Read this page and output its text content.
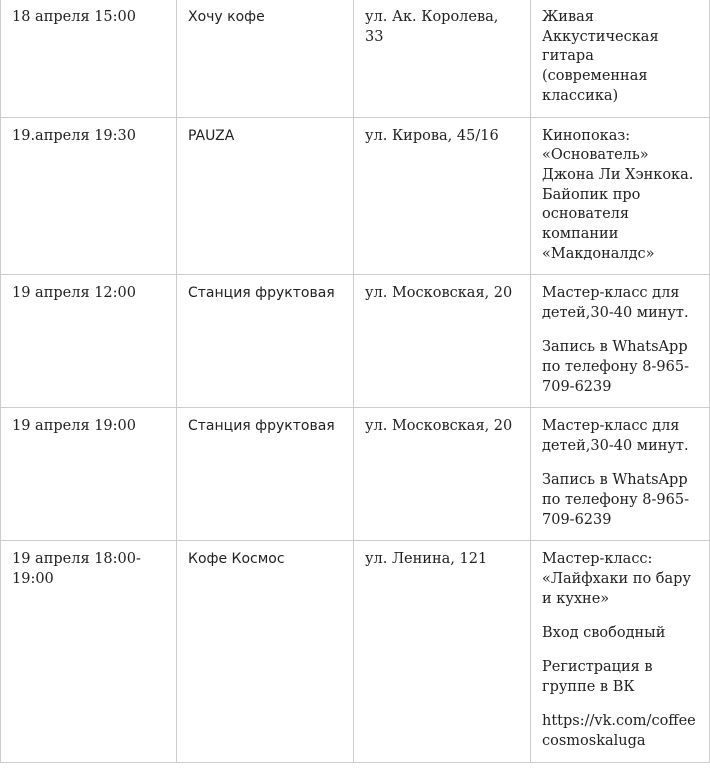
18 апреля 15:00	Хочу кофе	ул. Ак. Королева, 33	Живая Аккустическая гитара (современная классика)

19.апреля 19:30	PAUZA	ул. Кирова, 45/16	Кинопоказ: «Основатель» Джона Ли Хэнкока. Байопик про основателя компании «Макдоналдс»

19 апреля 12:00	Станция фруктовая	ул. Московская, 20	Мастер-класс для детей,30-40 минут.
Запись в WhatsApp по телефону 8-965-709-6239

19 апреля 19:00	Станция фруктовая	ул. Московская, 20	Мастер-класс для детей,30-40 минут.
Запись в WhatsApp по телефону 8-965-709-6239

19 апреля 18:00-19:00	Кофе Космос	ул. Ленина, 121	Мастер-класс: «Лайфхаки по бару и кухне»
Вход свободный
Регистрация в группе в ВК
https://vk.com/coffeecosmoskaluga
